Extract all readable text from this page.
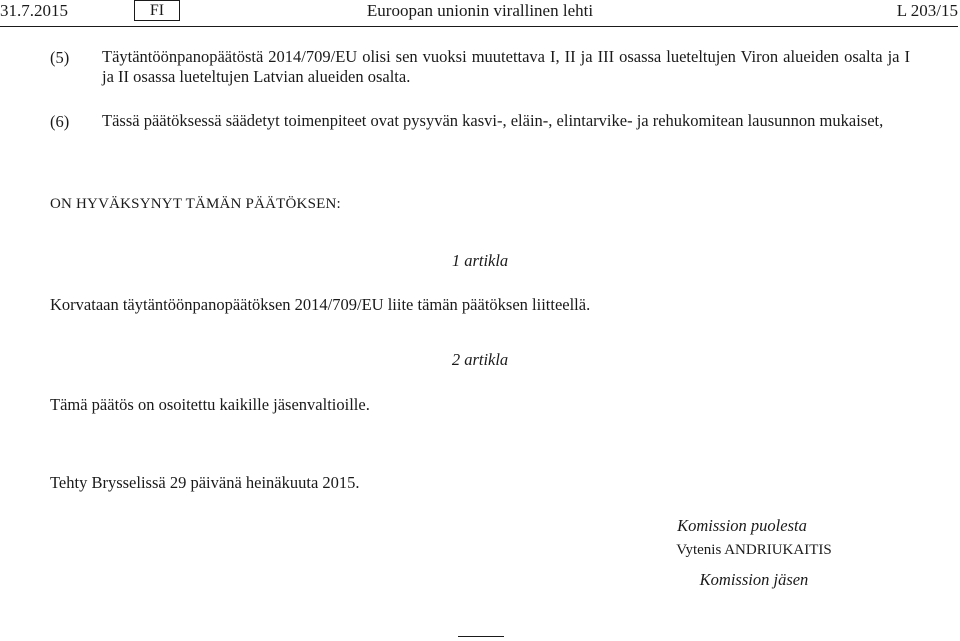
31.7.2015	FI	Euroopan unionin virallinen lehti	L 203/15
(5) Täytäntöönpanopäätöstä 2014/709/EU olisi sen vuoksi muutettava I, II ja III osassa lueteltujen Viron alueiden osalta ja I ja II osassa lueteltujen Latvian alueiden osalta.
(6) Tässä päätöksessä säädetyt toimenpiteet ovat pysyvän kasvi-, eläin-, elintarvike- ja rehukomitean lausunnon mukaiset,
ON HYVÄKSYNYT TÄMÄN PÄÄTÖKSEN:
1 artikla
Korvataan täytäntöönpanopäätöksen 2014/709/EU liite tämän päätöksen liitteellä.
2 artikla
Tämä päätös on osoitettu kaikille jäsenvaltioille.
Tehty Brysselissä 29 päivänä heinäkuuta 2015.
Komission puolesta
Vytenis ANDRIUKAITIS
Komission jäsen
